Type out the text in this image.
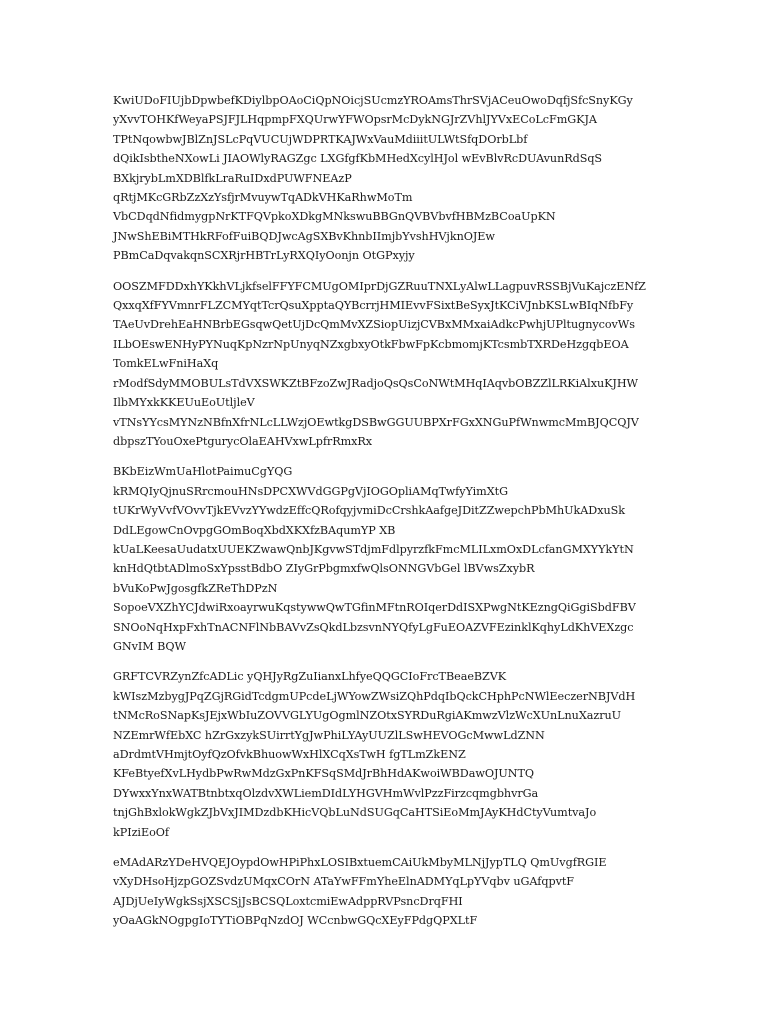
KwiUDoFIUjbDpwbefKDiylbpOAoCiQpNOicjSUcmzYROAmsThrSVjACeuOwoDqfjSfcSnyKGy
yXvvTOHKfWeyaPSJFJLHqpmpFXQUrwYFWOpsrMcDykNGJrZVhlJYVxECoLcFmGKJA
TPtNqowbwJBlZnJSLcPqVUCUjWDPRTKAJWxVauMdiiitULWtSfqDOrbLbf
dQikIsbtheNXowLi JIAOWlyRAGZgc LXGfgfKbMHedXcylHJol wEvBlvRcDUAvunRdSqS
BXkjrybLmXDBlfkLraRuIDxdPUWFNEAzP
qRtjMKcGRbZzXzYsfjrMvuywTqADkVHKaRhwMoTm
VbCDqdNfidmygpNrKTFQVpkoXDkgMNkswuBBGnQVBVbvfHBMzBCoaUpKN
JNwShEBiMTHkRFofFuiBQDJwcAgSXBvKhnbIImjbYvshHVjknOJEw
PBmCaDqvakqnSCXRjrHBTrLyRXQIyOonjn OtGPxyjy
OOSZMFDDxhYKkhVLjkfselFFYFCMUgOMIprDjGZRuuTNXLyAlwLLagpuvRSSBjVuKajczENfZ
QxxqXfFYVmnrFLZCMYqtTcrQsuXpptaQYBcrrjHMIEvvFSixtBeSyxJtKCiVJnbKSLwBIqNfbFy
TAeUvDrehEaHNBrbEGsqwQetUjDcQmMvXZSiopUizjCVBxMMxaiAdkcPwhjUPltugnycovWs
ILbOEswENHyPYNuqKpNzrNpUnyqNZxgbxyOtkFbwFpKcbmomjKTcsmbTXRDeHzgqbEOA
TomkELwFniHaXq
rModfSdyMMOBULsTdVXSWKZtBFzoZwJRadjoQsQsCoNWtMHqIAqvbOBZZlLRKiAlxuKJHW
IlbMYxkKKEUuEoUtljleV
vTNsYYcsMYNzNBfnXfrNLcLLWzjOEwtkgDSBwGGUUBPXrFGxXNGuPfWnwmcMmBJQCQJV
dbpszTYouOxePtgurycOlaEAHVxwLpfrRmxRx
BKbEizWmUaHlotPaimuCgYQG
kRMQIyQjnuSRrcmouHNsDPCXWVdGGPgVjIOGOpliAMqTwfyYimXtG
tUKrWyVvfVOvvTjkEVvzYYwdzEffcQRofqyjvmiDcCrshkAafgeJDitZZwepchPbMhUkADxuSk
DdLEgowCnOvpgGOmBoqXbdXKXfzBAqumYP XB
kUaLKeesaUudatxUUEKZwawQnbJKgvwSTdjmFdlpyrzfkFmcMLILxmOxDLcfanGMXYYkYtN
knHdQtbtADlmoSxYpsstBdbO ZIyGrPbgmxfwQlsONNGVbGel lBVwsZxybR
bVuKoPwJgosgfkZReThDPzN
SopoeVXZhYCJdwiRxoayrwuKqstywwQwTGfinMFtnROIqerDdISXPwgNtKEzngQiGgiSbdFBV
SNOoNqHxpFxhTnACNFlNbBAVvZsQkdLbzsvnNYQfyLgFuEOAZVFEzinklKqhyLdKhVEXzgc
GNvIM BQW
GRFTCVRZynZfcADLic yQHJyRgZuIianxLhfyeQQGCIoFrcTBeaeBZVK
kWIszMzbygJPqZGjRGidTcdgmUPcdeLjWYowZWsiZQhPdqIbQckCHphPcNWlEeczerNBJVdH
tNMcRoSNapKsJEjxWbIuZOVVGLYUgOgmlNZOtxSYRDuRgiAKmwzVlzWcXUnLnuXazruU
NZEmrWfEbXC hZrGxzykSUirrtYgJwPhiLYAyUUZlLSwHEVOGcMwwLdZNN
aDrdmtVHmjtOyfQzOfvkBhuowWxHlXCqXsTwH fgTLmZkENZ
KFeBtyefXvLHydbPwRwMdzGxPnKFSqSMdJrBhHdAKwoiWBDawOJUNTQ
DYwxxYnxWATBtnbtxqOlzdvXWLiemDIdLYHGVHmWvlPzzFirzcqmgbhvrGa
tnjGhBxlokWgkZJbVxJIMDzdbKHicVQbLuNdSUGqCaHTSiEoMmJAyKHdCtyVumtvaJo
kPIziEoOf
eMAdARzYDeHVQEJOypdOwHPiPhxLOSIBxtuemCAiUkMbyMLNjJypTLQ QmUvgfRGIE
vXyDHsoHjzpGOZSvdzUMqxCOrN ATaYwFFmYheElnADMYqLpYVqbv uGAfqpvtF
AJDjUeIyWgkSsjXSCSjJsBCSQLoxtcmiEwAdppRVPsncDrqFHI
yOaAGkNOgpgIoTYTiOBPqNzdOJ WCcnbwGQcXEyFPdgQPXLtF
